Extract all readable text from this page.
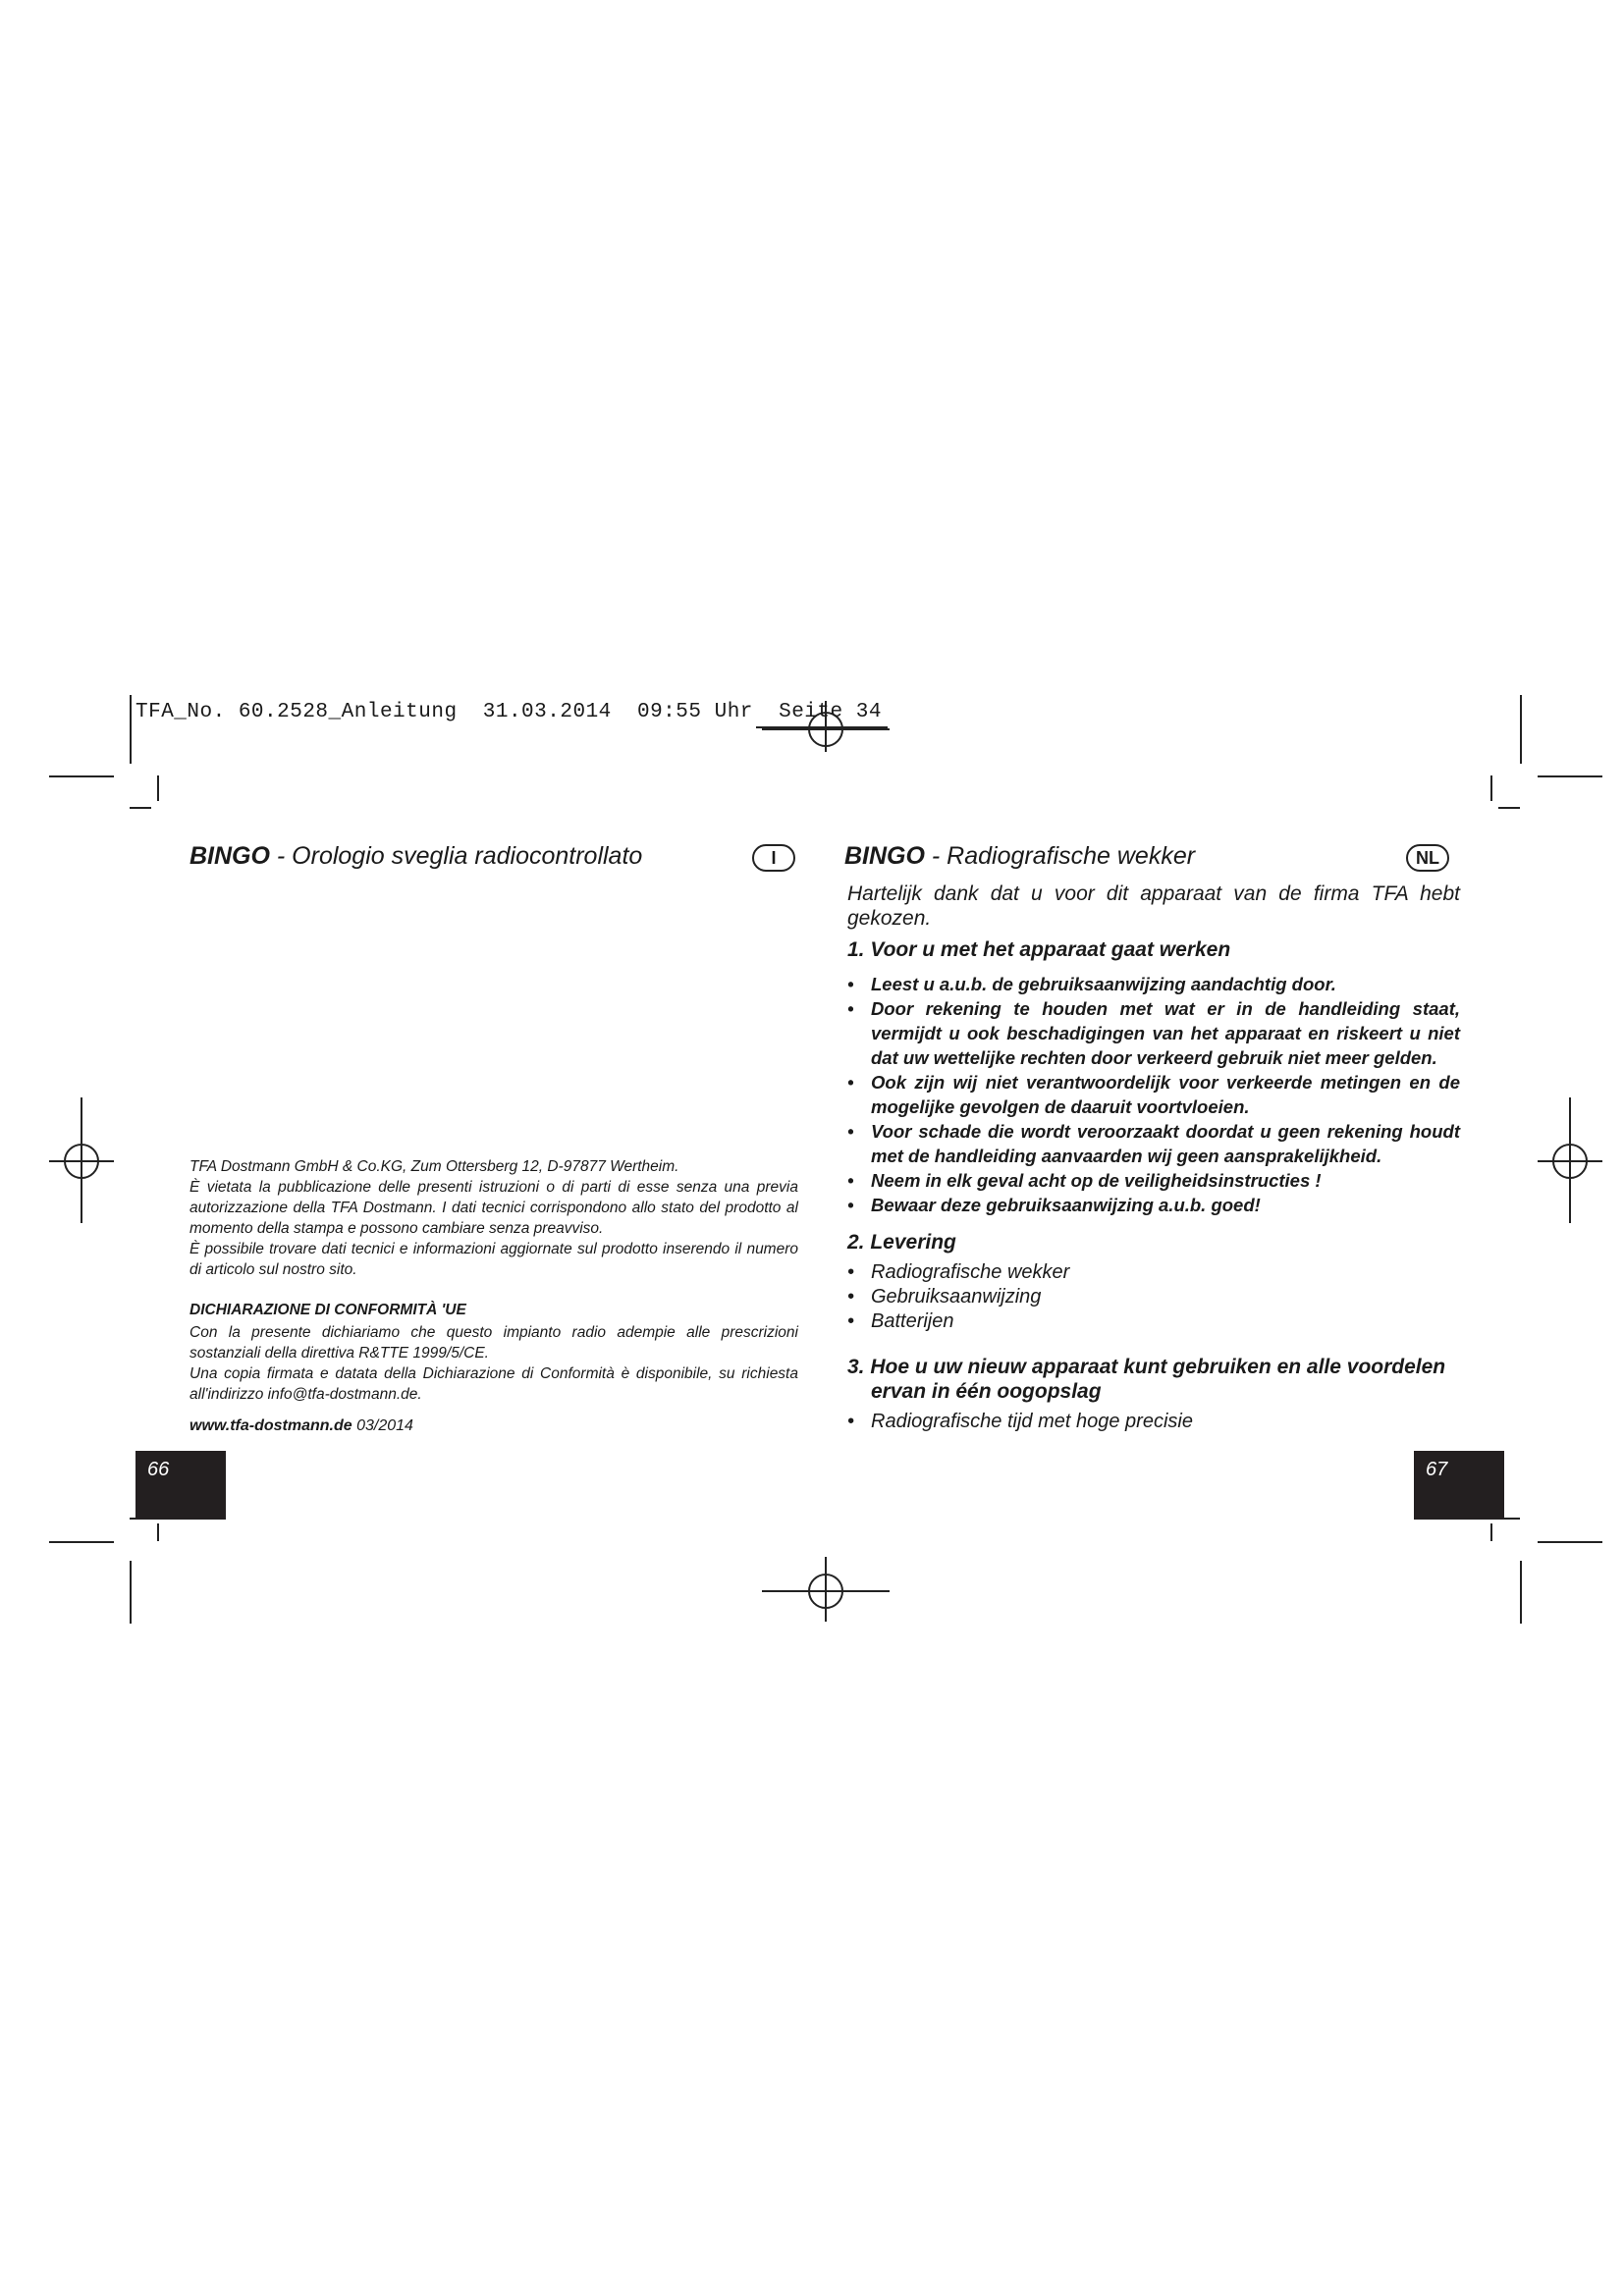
TFA_No. 60.2528_Anleitung  31.03.2014  09:55 Uhr  Seite 34
BINGO - Orologio sveglia radiocontrollato	I

TFA Dostmann GmbH & Co.KG, Zum Ottersberg 12, D-97877 Wertheim.

È vietata la pubblicazione delle presenti istruzioni o di parti di esse senza una previa autorizzazione della TFA Dostmann. I dati tecnici corrispondono allo stato del prodotto al momento della stampa e possono cambiare senza preavviso.

È possibile trovare dati tecnici e informazioni aggiornate sul prodotto inserendo il numero di articolo sul nostro sito.

DICHIARAZIONE DI CONFORMITÀ 'UE

Con la presente dichiariamo che questo impianto radio adempie alle prescrizioni sostanziali della direttiva R&TTE 1999/5/CE.

Una copia firmata e datata della Dichiarazione di Conformità è disponibile, su richiesta all'indirizzo info@tfa-dostmann.de.

www.tfa-dostmann.de 03/2014
66
BINGO - Radiografische wekker	NL
Hartelijk dank dat u voor dit apparaat van de firma TFA hebt gekozen.

1. Voor u met het apparaat gaat werken

• Leest u a.u.b. de gebruiksaanwijzing aandachtig door.
• Door rekening te houden met wat er in de handleiding staat, vermijdt u ook beschadigingen van het apparaat en riskeert u niet dat uw wettelijke rechten door verkeerd gebruik niet meer gelden.
• Ook zijn wij niet verantwoordelijk voor verkeerde metingen en de mogelijke gevolgen de daaruit voortvloeien.
• Voor schade die wordt veroorzaakt doordat u geen rekening houdt met de handleiding aanvaarden wij geen aansprakelijkheid.
• Neem in elk geval acht op de veiligheidsinstructies !
• Bewaar deze gebruiksaanwijzing a.u.b. goed!

2. Levering

• Radiografische wekker
• Gebruiksaanwijzing
• Batterijen

3. Hoe u uw nieuw apparaat kunt gebruiken en alle voordelen ervan in één oogopslag

• Radiografische tijd met hoge precisie
67
